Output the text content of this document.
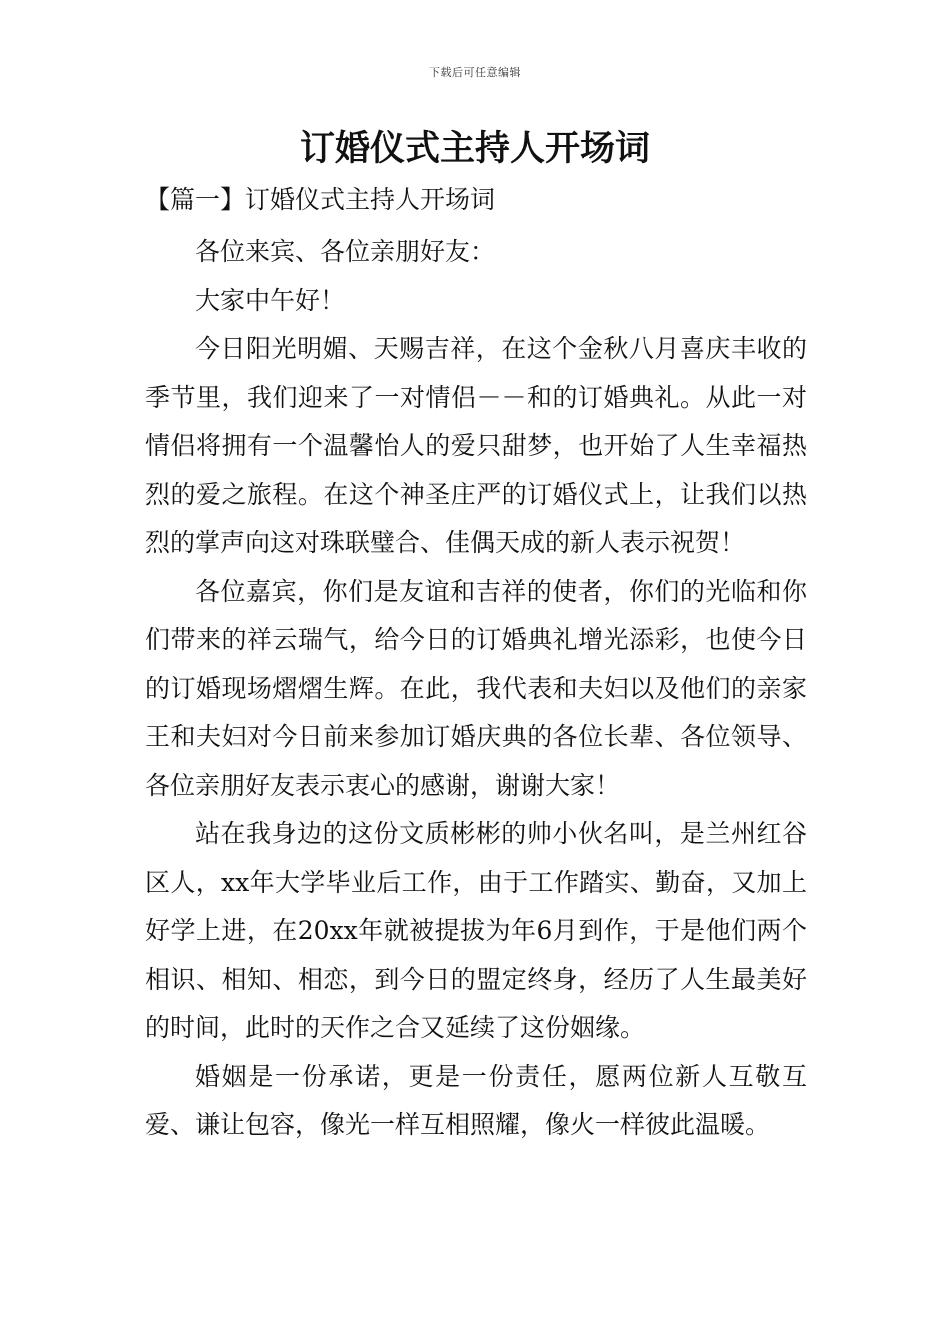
下载后可任意编辑
订婚仪式主持人开场词
【篇一】订婚仪式主持人开场词

各位来宾、各位亲朋好友：

大家中午好！

今日阳光明媚、天赐吉祥，在这个金秋八月喜庆丰收的季节里，我们迎来了一对情侣－－和的订婚典礼。从此一对情侣将拥有一个温馨怡人的爱只甜梦，也开始了人生幸福热烈的爱之旅程。在这个神圣庄严的订婚仪式上，让我们以热烈的掌声向这对珠联璧合、佳偶天成的新人表示祝贺！

各位嘉宾，你们是友谊和吉祥的使者，你们的光临和你们带来的祥云瑞气，给今日的订婚典礼增光添彩，也使今日的订婚现场熠熠生辉。在此，我代表和夫妇以及他们的亲家王和夫妇对今日前来参加订婚庆典的各位长辈、各位领导、各位亲朋好友表示衷心的感谢，谢谢大家！

站在我身边的这份文质彬彬的帅小伙名叫，是兰州红谷区人，xx年大学毕业后工作，由于工作踏实、勤奋，又加上好学上进，在20xx年就被提拔为年6月到作，于是他们两个相识、相知、相恋，到今日的盟定终身，经历了人生最美好的时间，此时的天作之合又延续了这份姻缘。

婚姻是一份承诺，更是一份责任，愿两位新人互敬互爱、谦让包容，像光一样互相照耀，像火一样彼此温暖。
